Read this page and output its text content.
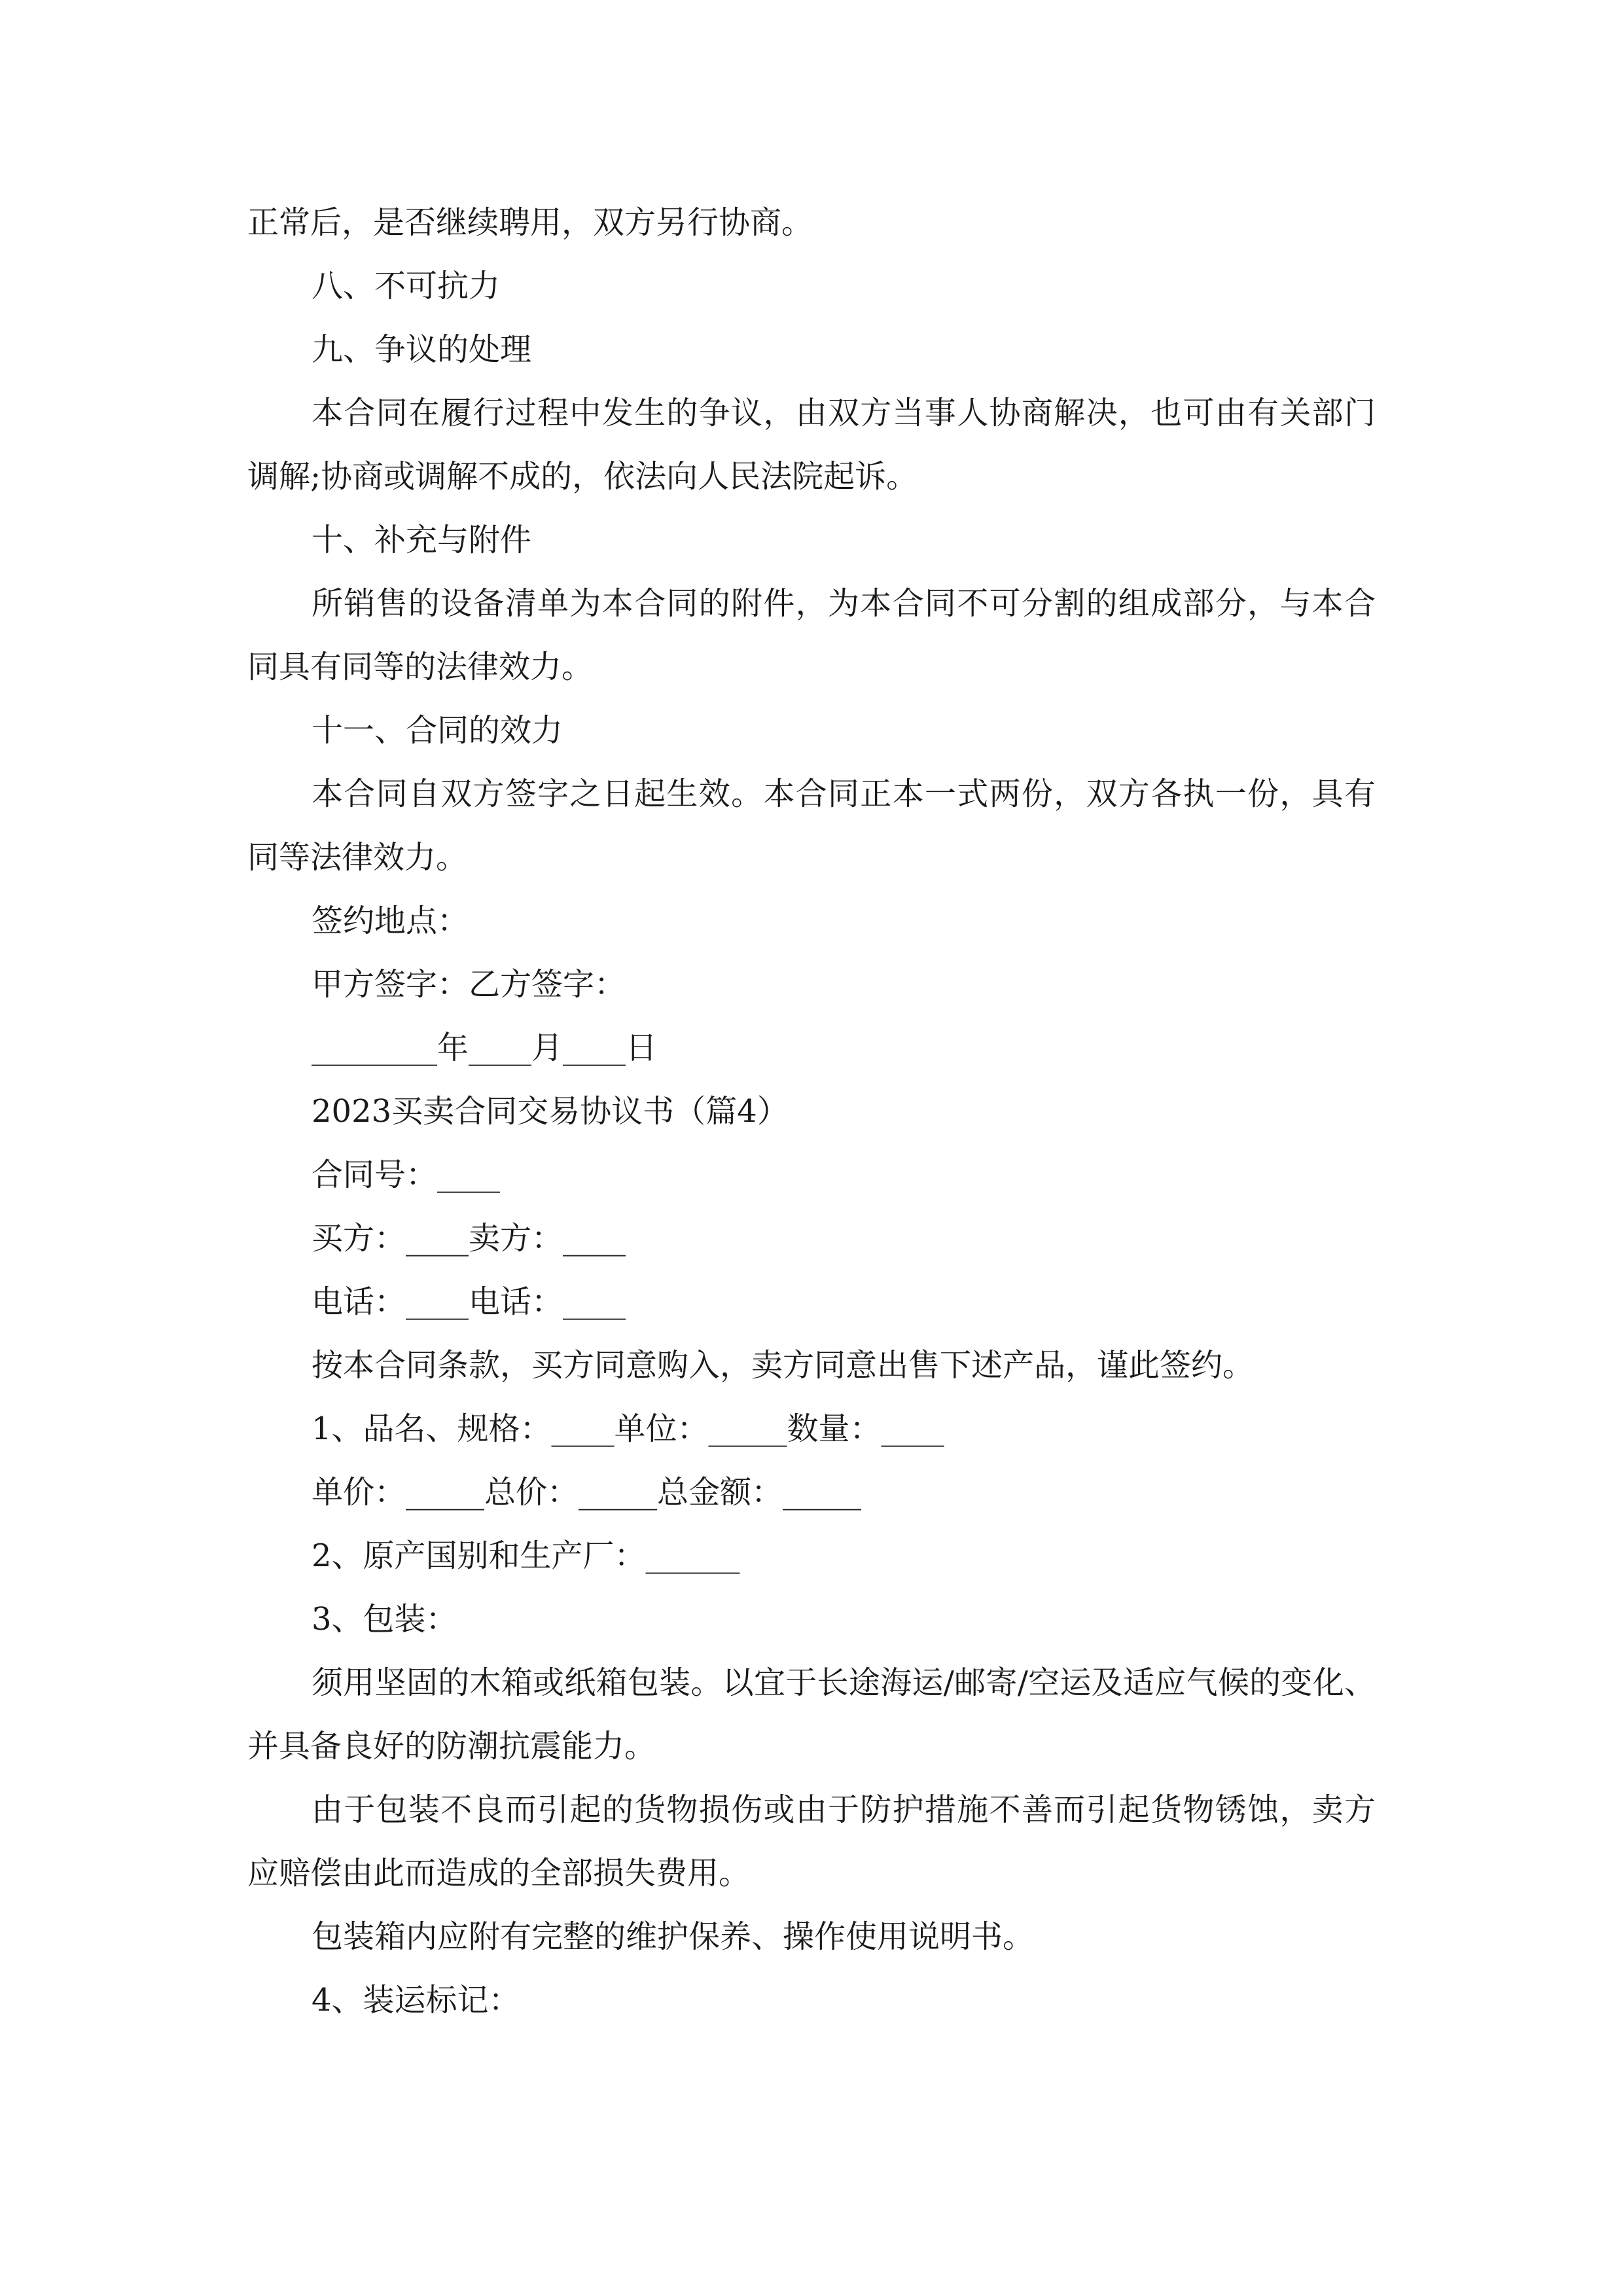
正常后，是否继续聘用，双方另行协商。

八、不可抗力

九、争议的处理

本合同在履行过程中发生的争议，由双方当事人协商解决，也可由有关部门调解;协商或调解不成的，依法向人民法院起诉。

十、补充与附件

所销售的设备清单为本合同的附件，为本合同不可分割的组成部分，与本合同具有同等的法律效力。

十一、合同的效力

本合同自双方签字之日起生效。本合同正本一式两份，双方各执一份，具有同等法律效力。

签约地点：

甲方签字：乙方签字：

________年____月____日

2023买卖合同交易协议书（篇4）

合同号：____

买方：____卖方：____

电话：____电话：____

按本合同条款，买方同意购入，卖方同意出售下述产品，谨此签约。

1、品名、规格：____单位：_____数量：____

单价：_____总价：_____总金额：_____

2、原产国别和生产厂：______

3、包装：

须用坚固的木箱或纸箱包装。以宜于长途海运/邮寄/空运及适应气候的变化、并具备良好的防潮抗震能力。

由于包装不良而引起的货物损伤或由于防护措施不善而引起货物锈蚀，卖方应赔偿由此而造成的全部损失费用。

包装箱内应附有完整的维护保养、操作使用说明书。

4、装运标记：
